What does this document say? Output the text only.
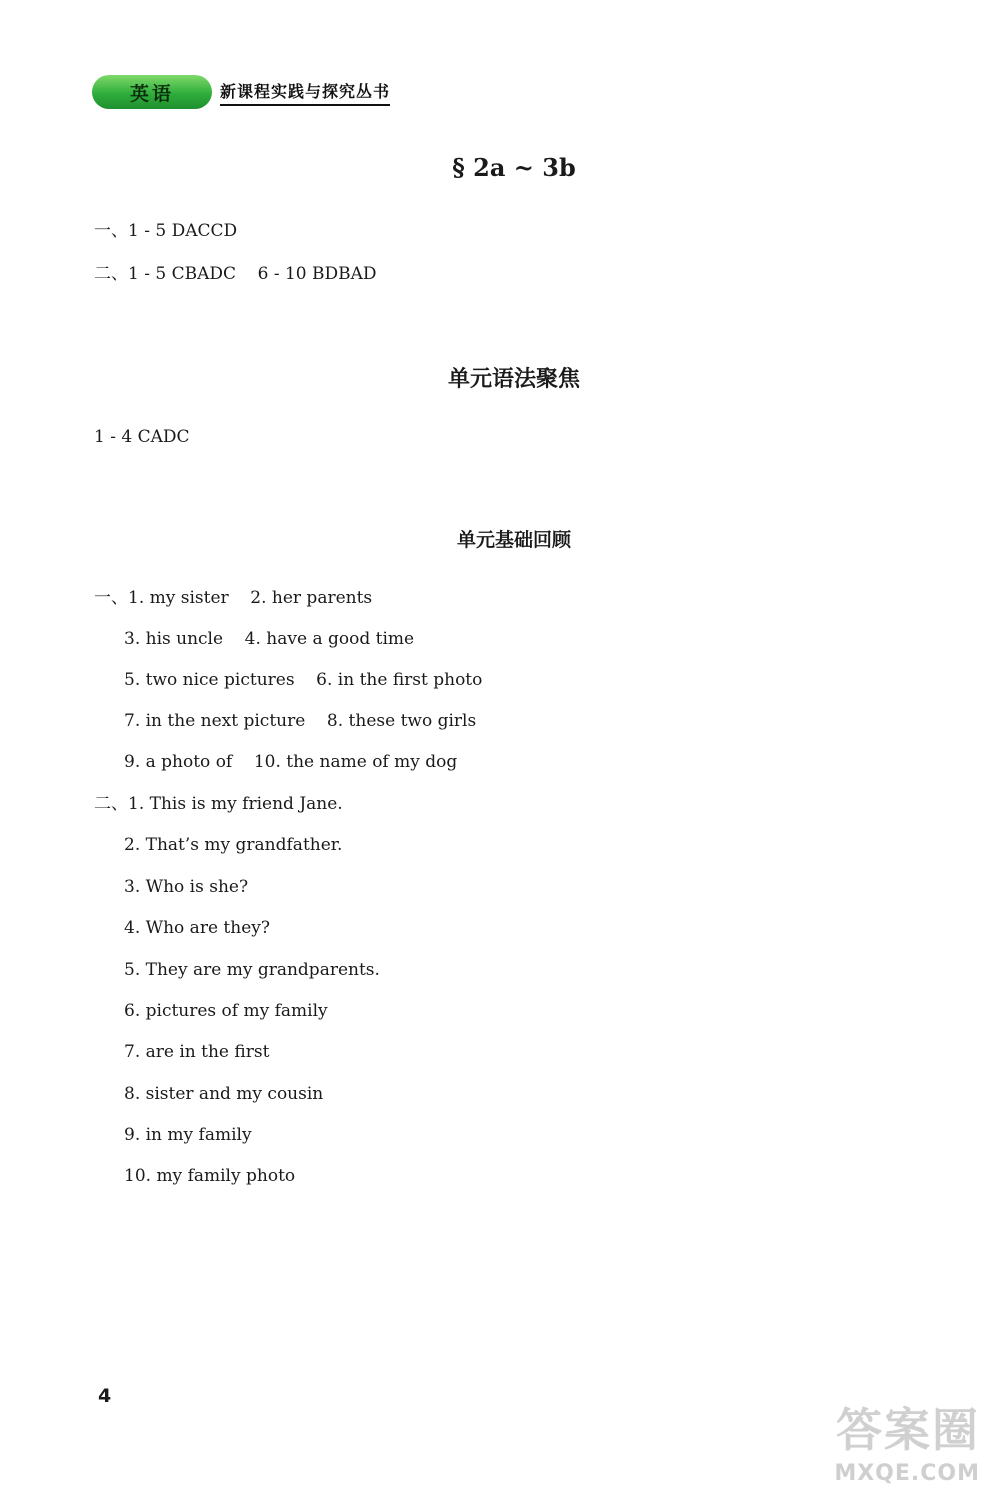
英语	新课程实践与探究丛书
§ 2a ~ 3b
一、1 - 5 DACCD
二、1 - 5 CBADC    6 - 10 BDBAD
单元语法聚焦
1 - 4 CADC
单元基础回顾
一、1. my sister    2. her parents
3. his uncle    4. have a good time
5. two nice pictures    6. in the first photo
7. in the next picture    8. these two girls
9. a photo of    10. the name of my dog
二、1. This is my friend Jane.
2. That’s my grandfather.
3. Who is she?
4. Who are they?
5. They are my grandparents.
6. pictures of my family
7. are in the first
8. sister and my cousin
9. in my family
10. my family photo
4
答案圈
MXQE.COM
